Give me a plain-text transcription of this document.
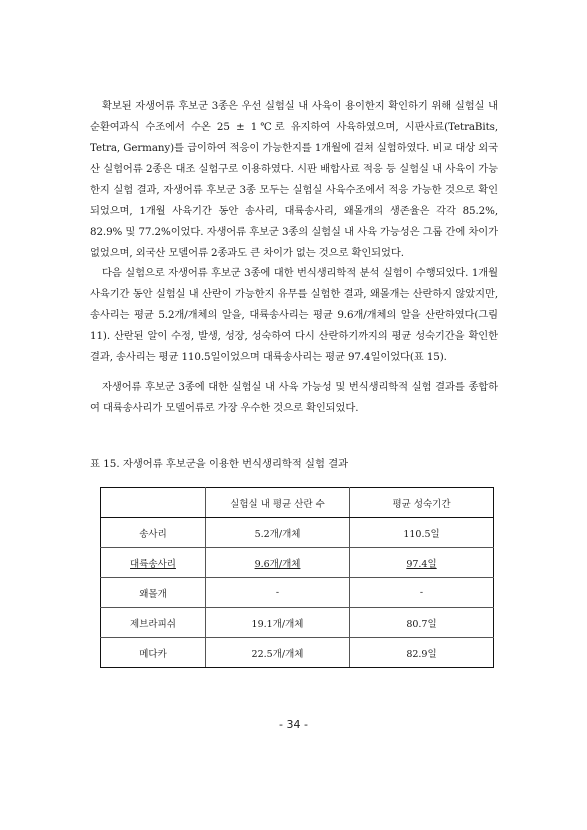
확보된 자생어류 후보군 3종은 우선 실험실 내 사육이 용이한지 확인하기 위해 실험실 내 순환여과식 수조에서 수온 25 ± 1℃로 유지하여 사육하였으며, 시판사료(TetraBits, Tetra, Germany)를 급이하여 적응이 가능한지를 1개월에 걸쳐 실험하였다. 비교 대상 외국산 실험어류 2종은 대조 실험구로 이용하였다. 시판 배합사료 적응 등 실험실 내 사육이 가능한지 실험 결과, 자생어류 후보군 3종 모두는 실험실 사육수조에서 적응 가능한 것으로 확인되었으며, 1개월 사육기간 동안 송사리, 대륙송사리, 왜몰개의 생존율은 각각 85.2%, 82.9% 및 77.2%이었다. 자생어류 후보군 3종의 실험실 내 사육 가능성은 그룹 간에 차이가 없었으며, 외국산 모델어류 2종과도 큰 차이가 없는 것으로 확인되었다.

다음 실험으로 자생어류 후보군 3종에 대한 번식생리학적 분석 실험이 수행되었다. 1개월 사육기간 동안 실험실 내 산란이 가능한지 유무를 실험한 결과, 왜몰개는 산란하지 않았지만, 송사리는 평균 5.2개/개체의 알을, 대륙송사리는 평균 9.6개/개체의 알을 산란하였다(그림 11). 산란된 알이 수정, 발생, 성장, 성숙하여 다시 산란하기까지의 평균 성숙기간을 확인한 결과, 송사리는 평균 110.5일이었으며 대륙송사리는 평균 97.4일이었다(표 15).

자생어류 후보군 3종에 대한 실험실 내 사육 가능성 및 번식생리학적 실험 결과를 종합하여 대륙송사리가 모델어류로 가장 우수한 것으로 확인되었다.

표 15. 자생어류 후보군을 이용한 번식생리학적 실험 결과

	실험실 내 평균 산란 수	평균 성숙기간
송사리	5.2개/개체	110.5일
대륙송사리	9.6개/개체	97.4일
왜몰개	-	-
제브라피쉬	19.1개/개체	80.7일
메다카	22.5개/개체	82.9일
- 34 -
